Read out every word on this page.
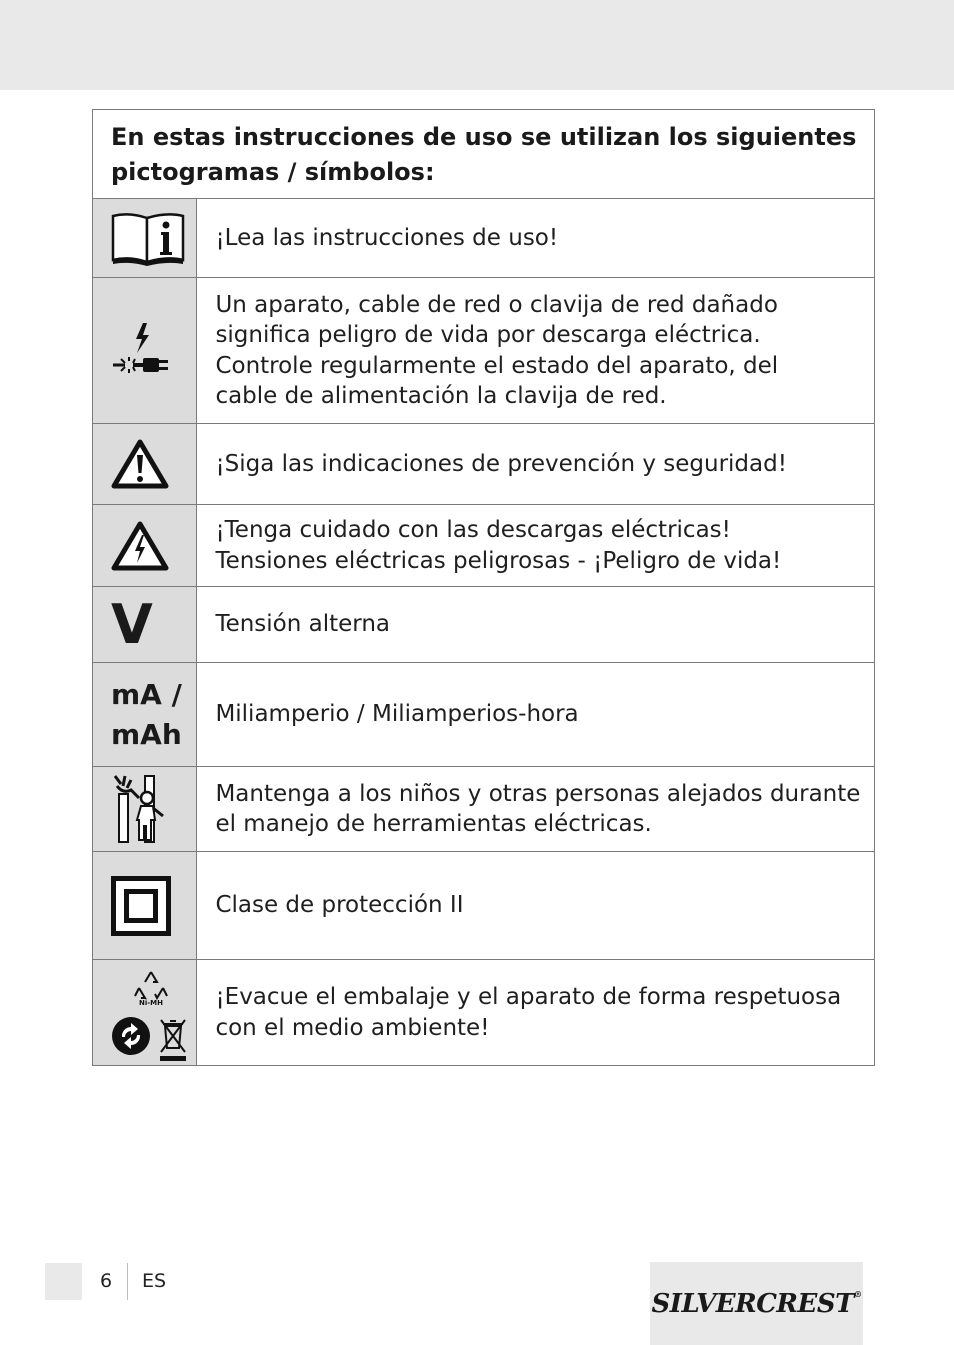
En estas instrucciones de uso se utilizan los siguientes
pictogramas / símbolos:	

¡Lea las instrucciones de uso!

Un aparato, cable de red o clavija de red dañado
significa peligro de vida por descarga eléctrica.
Controle regularmente el estado del aparato, del
cable de alimentación la clavija de red.

¡Siga las indicaciones de prevención y seguridad!

¡Tenga cuidado con las descargas eléctricas!
Tensiones eléctricas peligrosas - ¡Peligro de vida!

V	Tensión alterna

mA /
mAh	Miliamperio / Miliamperios-hora

Mantenga a los niños y otras personas alejados durante
el manejo de herramientas eléctricas.

Clase de protección II

Ni-MH	¡Evacue el embalaje y el aparato de forma respetuosa
con el medio ambiente!
6 ES
SILVERCREST®
